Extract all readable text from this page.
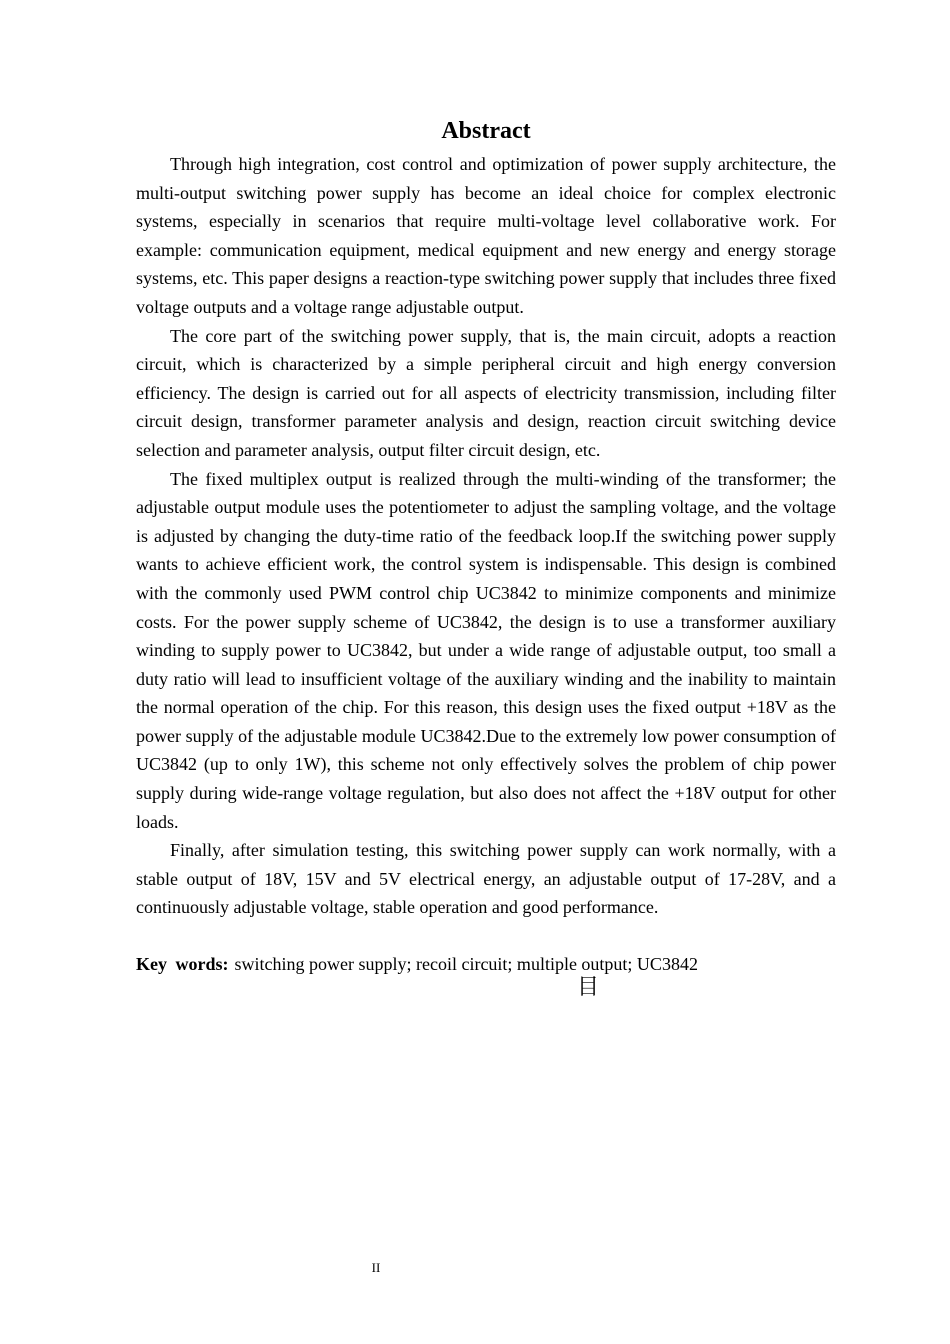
Abstract

Through high integration, cost control and optimization of power supply architecture, the multi-output switching power supply has become an ideal choice for complex electronic systems, especially in scenarios that require multi-voltage level collaborative work. For example: communication equipment, medical equipment and new energy and energy storage systems, etc. This paper designs a reaction-type switching power supply that includes three fixed voltage outputs and a voltage range adjustable output.

The core part of the switching power supply, that is, the main circuit, adopts a reaction circuit, which is characterized by a simple peripheral circuit and high energy conversion efficiency. The design is carried out for all aspects of electricity transmission, including filter circuit design, transformer parameter analysis and design, reaction circuit switching device selection and parameter analysis, output filter circuit design, etc.

The fixed multiplex output is realized through the multi-winding of the transformer; the adjustable output module uses the potentiometer to adjust the sampling voltage, and the voltage is adjusted by changing the duty-time ratio of the feedback loop.If the switching power supply wants to achieve efficient work, the control system is indispensable. This design is combined with the commonly used PWM control chip UC3842 to minimize components and minimize costs. For the power supply scheme of UC3842, the design is to use a transformer auxiliary winding to supply power to UC3842, but under a wide range of adjustable output, too small a duty ratio will lead to insufficient voltage of the auxiliary winding and the inability to maintain the normal operation of the chip. For this reason, this design uses the fixed output +18V as the power supply of the adjustable module UC3842.Due to the extremely low power consumption of UC3842 (up to only 1W), this scheme not only effectively solves the problem of chip power supply during wide-range voltage regulation, but also does not affect the +18V output for other loads.

Finally, after simulation testing, this switching power supply can work normally, with a stable output of 18V, 15V and 5V electrical energy, an adjustable output of 17-28V, and a continuously adjustable voltage, stable operation and good performance.

Key words: switching power supply; recoil circuit; multiple output; UC3842

目
II
